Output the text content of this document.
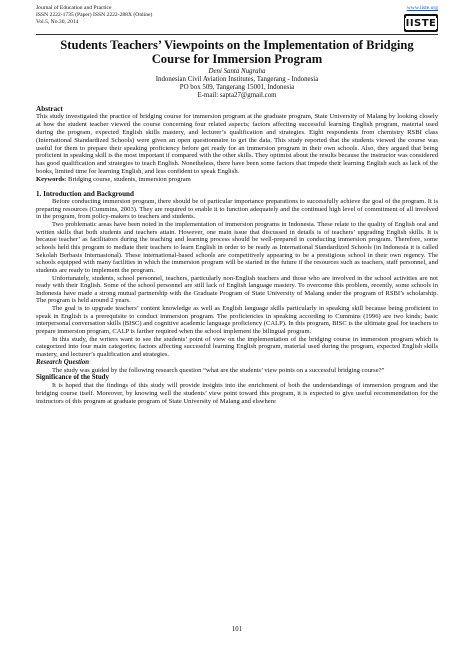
Journal of Education and Practice
ISSN 2222-1735 (Paper) ISSN 2222-288X (Online)
Vol.5, No.30, 2014
www.iiste.org
IISTE
Students Teachers’ Viewpoints on the Implementation of Bridging Course for Immersion Program
Deni Santa Nugraha
Indonesian Civil Aviation Institutes, Tangerang - Indonesia
PO box 509, Tangerang 15001, Indonesia
E-mail: sapta27@gmail.com
Abstract
This study investigated the practice of bridging course for immersion program at the graduate program, State University of Malang by looking closely at how the student teacher viewed the course concerning four related aspects; factors affecting successful learning English program, material used during the program, expected English skills mastery, and lecturer’s qualification and strategies. Eight respondents from chemistry RSBI class (International Standardized Schools) were given an open questionnaire to get the data. This study reported that the students viewed the course was useful for them to prepare their speaking proficiency before get ready for an immersion program in their own schools. Also, they argued that being proficient in speaking skill is the most important if compared with the other skills. They optimist about the results because the instructor was considered has good qualification and strategies to teach English. Nonetheless, there have been some factors that impede their learning English such as lack of the books, limited time for learning English, and less confident to speak English.
Keywords: Bridging course, students, immersion program
1. Introduction and Background

Before conducting immersion program, there should be of particular importance preparations to successfully achieve the goal of the program. It is preparing resources (Cummins, 2003). They are required to enable it to function adequately and the continued high level of commitment of all involved in the program, from policy-makers to teachers and students.

Two problematic areas have been noted in the implementation of immersion programs in Indonesia. These relate to the quality of English oral and written skills that both students and teachers attain. However, one main issue that discussed in details is of teachers’ upgrading English skills. It is because teacher’ as facilitators during the teaching and learning process should be well-prepared in conducting immersion program. Therefore, some schools held this program to mediate their teachers to learn English in order to be ready as International Standardized Schools (in Indonesia it is called Sekolah Berbasis Internasional). These international-based schools are competitively appearing to be a prestigious school in their own regency. The schools equipped with many facilities in which the immersion program will be started in the future if the resources such as teachers, staff personnel, and students are ready to implement the program.

Unfortunately, students, school personnel, teachers, particularly non-English teachers and those who are involved in the school activities are not ready with their English. Some of the school personnel are still lack of English language mastery. To overcome this problem, recently, some schools in Indonesia have made a strong mutual partnership with the Graduate Program of State University of Malang under the program of RSBI’s scholarship. The program is held around 2 years.

The goal is to upgrade teachers’ content knowledge as well as English language skills particularly in speaking skill because being proficient to speak in English is a prerequisite to conduct immersion program. The proficiencies in speaking according to Cummins (1996) are two kinds; basic interpersonal conversation skills (BISC) and cognitive academic language proficiency (CALP). In this program, BISC is the ultimate goal for teachers to prepare immersion program, CALP is farther required when the school implement the bilingual program.

In this study, the writers want to see the students’ point of view on the implementation of the bridging course in immersion program which is categorized into four main categories; factors affecting successful learning English program, material used during the program, expected English skills mastery, and lecturer’s qualification and strategies.

Research Question

The study was guided by the following research question “what are the students’ view points on a successful bridging course?”

Significance of the Study

It is hoped that the findings of this study will provide insights into the enrichment of both the understandings of immersion program and the bridging course itself. Moreover, by knowing well the students’ view point toward this program, it is expected to give useful recommendation for the instructors of this program at graduate program of State University of Malang and elswhere

101
